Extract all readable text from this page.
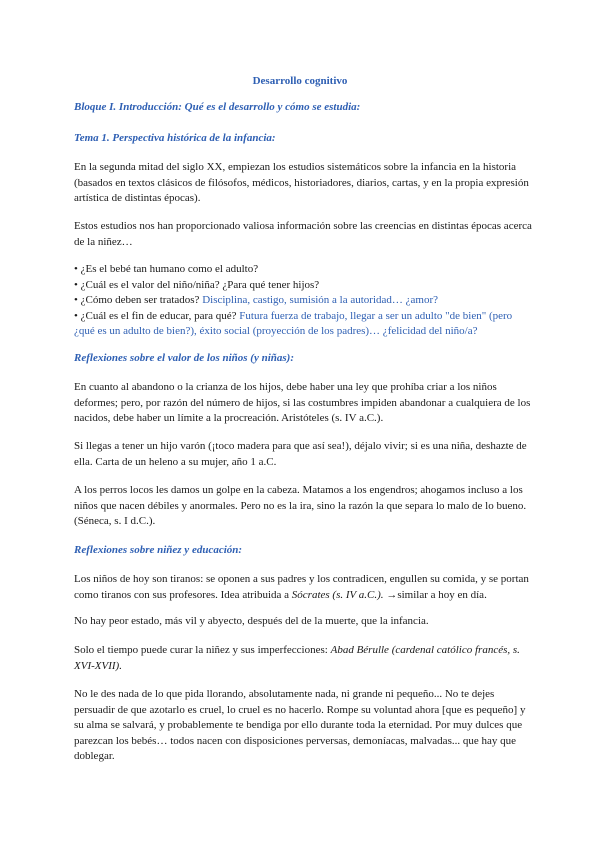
Desarrollo cognitivo
Bloque I. Introducción: Qué es el desarrollo y cómo se estudia:
Tema 1. Perspectiva histórica de la infancia:
En la segunda mitad del siglo XX, empiezan los estudios sistemáticos sobre la infancia en la historia (basados en textos clásicos de filósofos, médicos, historiadores, diarios, cartas, y en la propia expresión artística de distintas épocas).
Estos estudios nos han proporcionado valiosa información sobre las creencias en distintas épocas acerca de la niñez…
• ¿Es el bebé tan humano como el adulto?
• ¿Cuál es el valor del niño/niña? ¿Para qué tener hijos?
• ¿Cómo deben ser tratados? Disciplina, castigo, sumisión a la autoridad… ¿amor?
• ¿Cuál es el fin de educar, para qué? Futura fuerza de trabajo, llegar a ser un adulto "de bien" (pero ¿qué es un adulto de bien?), éxito social (proyección de los padres)… ¿felicidad del niño/a?
Reflexiones sobre el valor de los niños (y niñas):
En cuanto al abandono o la crianza de los hijos, debe haber una ley que prohíba criar a los niños deformes; pero, por razón del número de hijos, si las costumbres impiden abandonar a cualquiera de los nacidos, debe haber un límite a la procreación. Aristóteles (s. IV a.C.).
Si llegas a tener un hijo varón (¡toco madera para que así sea!), déjalo vivir; si es una niña, deshazte de ella. Carta de un heleno a su mujer, año 1 a.C.
A los perros locos les damos un golpe en la cabeza. Matamos a los engendros; ahogamos incluso a los niños que nacen débiles y anormales. Pero no es la ira, sino la razón la que separa lo malo de lo bueno. (Séneca, s. I d.C.).
Reflexiones sobre niñez y educación:
Los niños de hoy son tiranos: se oponen a sus padres y los contradicen, engullen su comida, y se portan como tiranos con sus profesores. Idea atribuida a Sócrates (s. IV a.C.). →similar a hoy en día.
No hay peor estado, más vil y abyecto, después del de la muerte, que la infancia.
Solo el tiempo puede curar la niñez y sus imperfecciones: Abad Bérulle (cardenal católico francés, s. XVI-XVII).
No le des nada de lo que pida llorando, absolutamente nada, ni grande ni pequeño... No te dejes persuadir de que azotarlo es cruel, lo cruel es no hacerlo. Rompe su voluntad ahora [que es pequeño] y su alma se salvará, y probablemente te bendiga por ello durante toda la eternidad. Por muy dulces que parezcan los bebés… todos nacen con disposiciones perversas, demoníacas, malvadas... que hay que doblegar.
